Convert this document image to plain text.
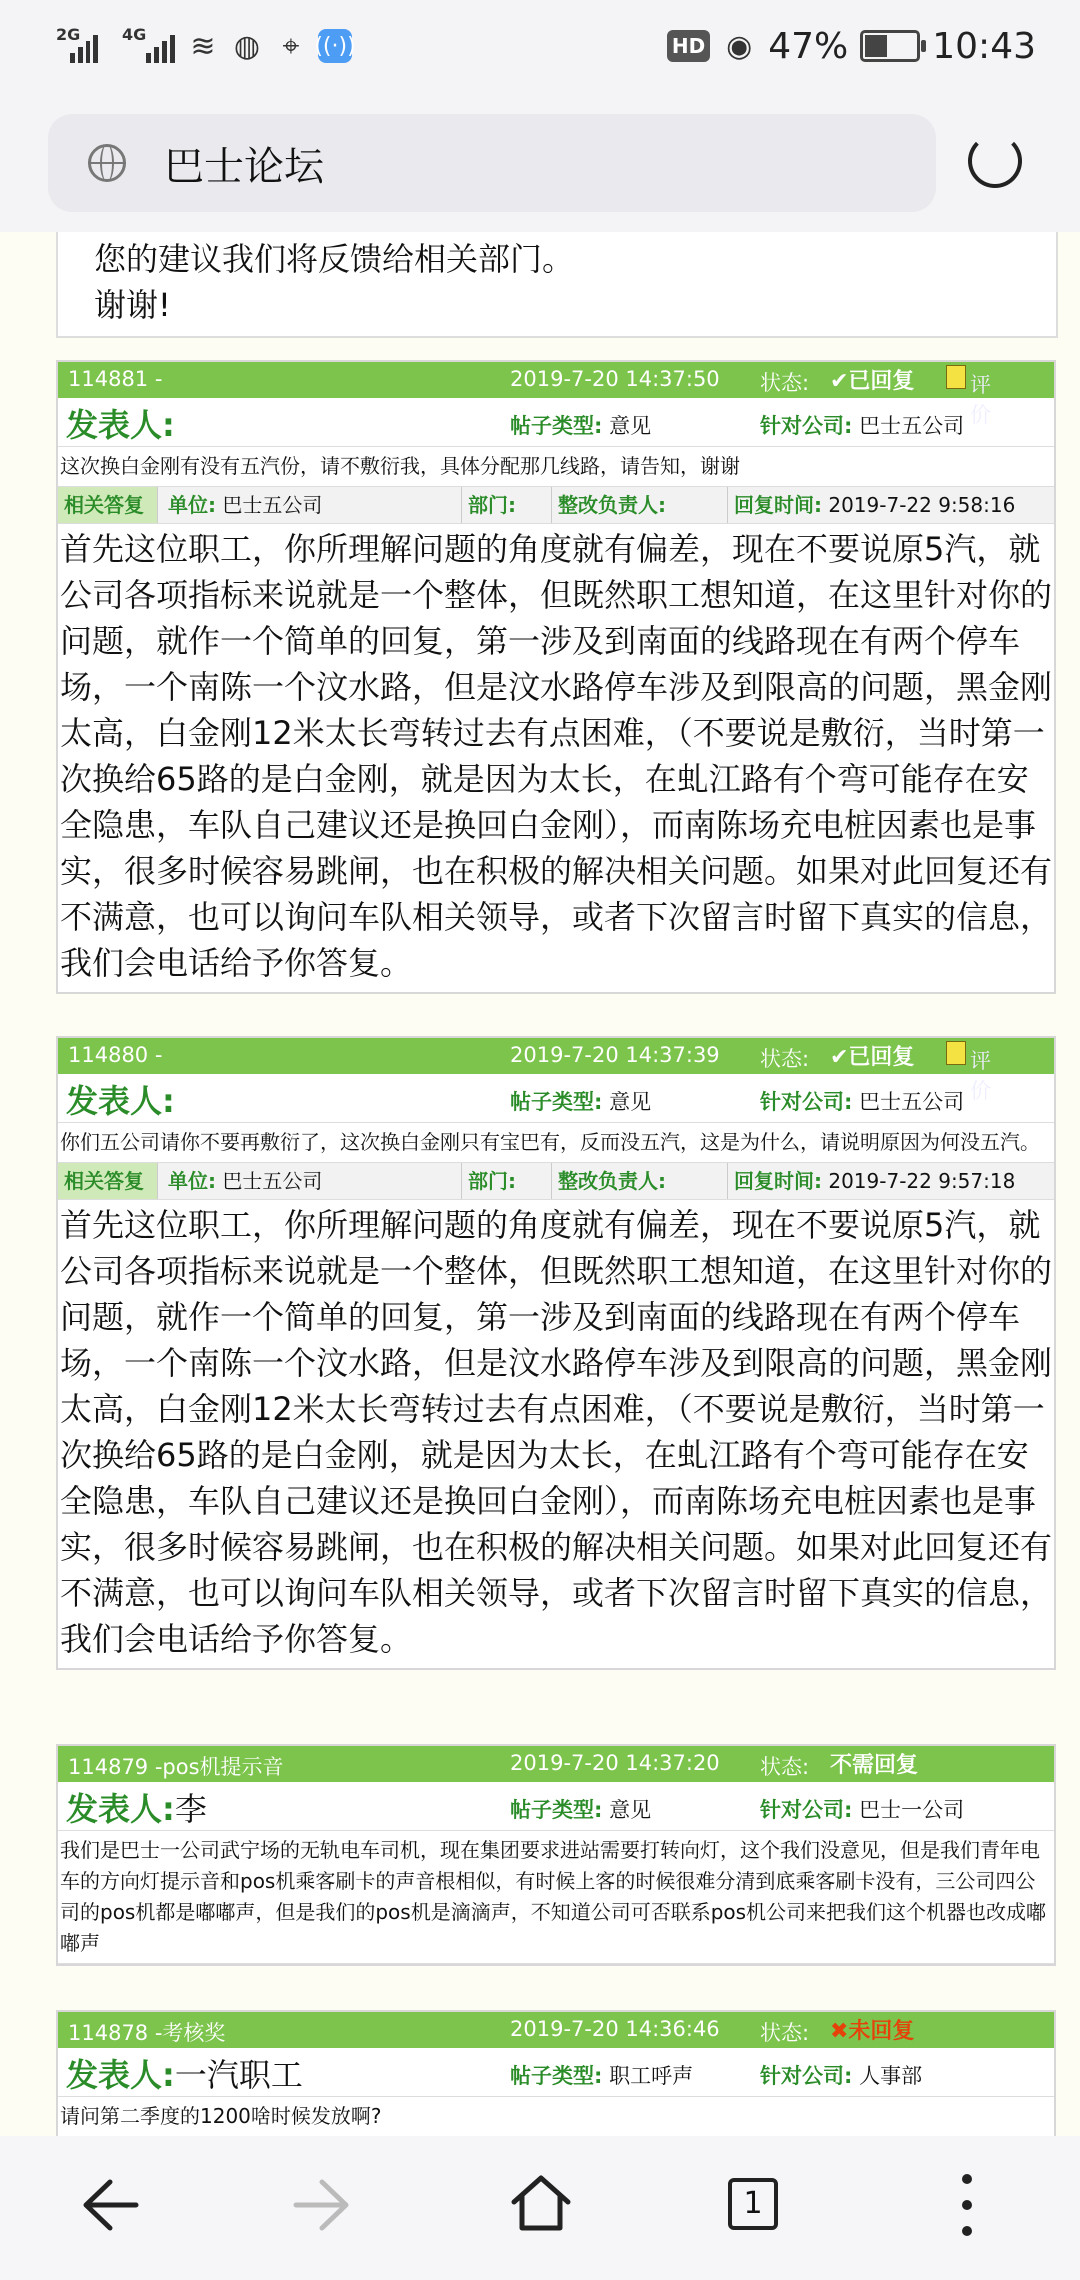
2G	4G ≋ ◍ ⌖ ((·))	HD ◉ 47% 10:43
巴士论坛

您的建议我们将反馈给相关部门。

谢谢!

114881 -	2019-7-20 14:37:50 状态: ✔已回复	评价
发表人:	帖子类型: 意见	针对公司: 巴士五公司
这次换白金刚有没有五汽份，请不敷衍我，具体分配那几线路，请告知，谢谢
相关答复	单位: 巴士五公司	部门:	整改负责人:	回复时间: 2019-7-22 9:58:16
首先这位职工，你所理解问题的角度就有偏差，现在不要说原5汽，就公司各项指标来说就是一个整体，但既然职工想知道，在这里针对你的问题，就作一个简单的回复，第一涉及到南面的线路现在有两个停车场，一个南陈一个汶水路，但是汶水路停车涉及到限高的问题，黑金刚太高，白金刚12米太长弯转过去有点困难，（不要说是敷衍，当时第一次换给65路的是白金刚，就是因为太长，在虬江路有个弯可能存在安全隐患，车队自己建议还是换回白金刚），而南陈场充电桩因素也是事实，很多时候容易跳闸，也在积极的解决相关问题。如果对此回复还有不满意，也可以询问车队相关领导，或者下次留言时留下真实的信息，我们会电话给予你答复。
114880 -	2019-7-20 14:37:39 状态: ✔已回复	评价
发表人:	帖子类型: 意见	针对公司: 巴士五公司
你们五公司请你不要再敷衍了，这次换白金刚只有宝巴有，反而没五汽，这是为什么，请说明原因为何没五汽。
相关答复	单位: 巴士五公司	部门:	整改负责人:	回复时间: 2019-7-22 9:57:18
首先这位职工，你所理解问题的角度就有偏差，现在不要说原5汽，就公司各项指标来说就是一个整体，但既然职工想知道，在这里针对你的问题，就作一个简单的回复，第一涉及到南面的线路现在有两个停车场，一个南陈一个汶水路，但是汶水路停车涉及到限高的问题，黑金刚太高，白金刚12米太长弯转过去有点困难，（不要说是敷衍，当时第一次换给65路的是白金刚，就是因为太长，在虬江路有个弯可能存在安全隐患，车队自己建议还是换回白金刚），而南陈场充电桩因素也是事实，很多时候容易跳闸，也在积极的解决相关问题。如果对此回复还有不满意，也可以询问车队相关领导，或者下次留言时留下真实的信息，我们会电话给予你答复。
114879 -pos机提示音	2019-7-20 14:37:20 状态: 不需回复
发表人:李	帖子类型: 意见	针对公司: 巴士一公司
我们是巴士一公司武宁场的无轨电车司机，现在集团要求进站需要打转向灯，这个我们没意见，但是我们青年电车的方向灯提示音和pos机乘客刷卡的声音根相似，有时候上客的时候很难分清到底乘客刷卡没有，三公司四公司的pos机都是嘟嘟声，但是我们的pos机是滴滴声，不知道公司可否联系pos机公司来把我们这个机器也改成嘟嘟声
114878 -考核奖	2019-7-20 14:36:46 状态: ✖未回复
发表人:一汽职工	帖子类型: 职工呼声	针对公司: 人事部
请问第二季度的1200啥时候发放啊?
1
